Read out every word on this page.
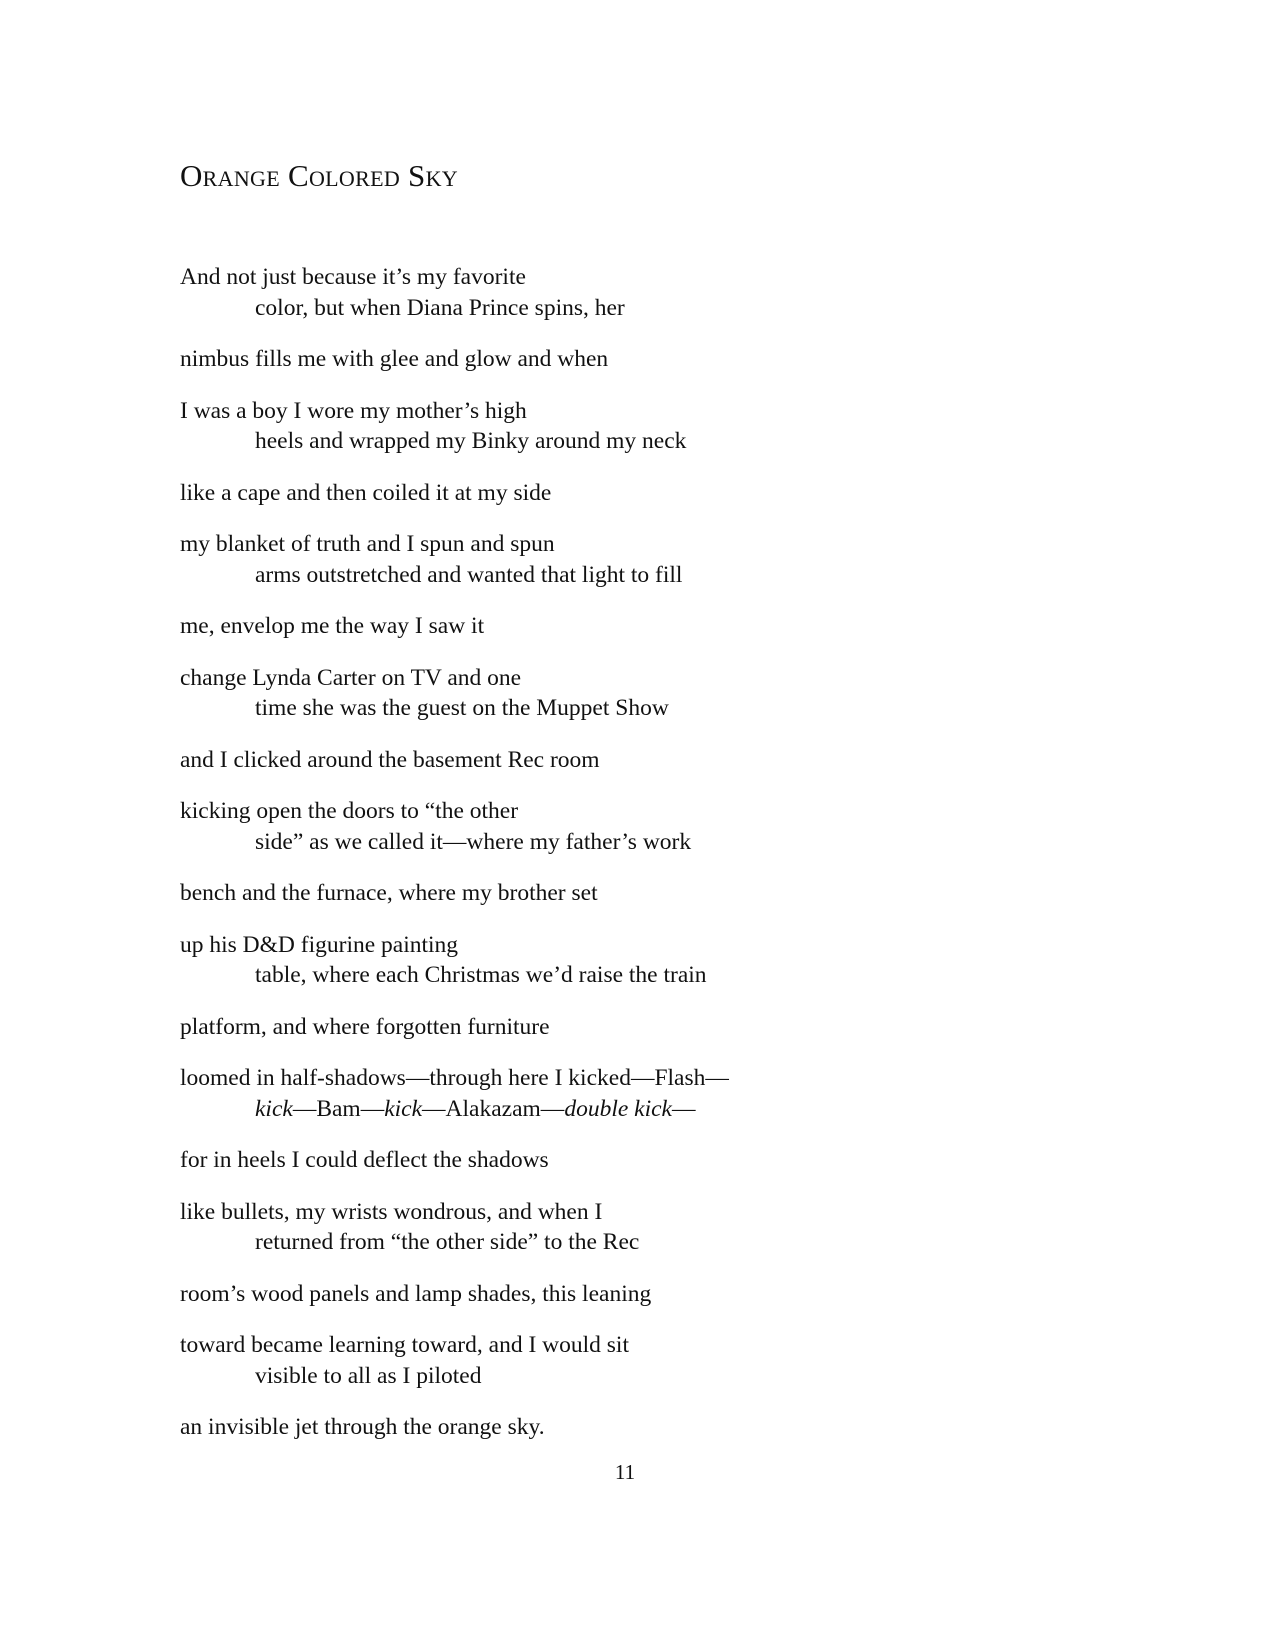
Orange Colored Sky
And not just because it’s my favorite
color, but when Diana Prince spins, her
nimbus fills me with glee and glow and when
I was a boy I wore my mother’s high
heels and wrapped my Binky around my neck
like a cape and then coiled it at my side
my blanket of truth and I spun and spun
arms outstretched and wanted that light to fill
me, envelop me the way I saw it
change Lynda Carter on TV and one
time she was the guest on the Muppet Show
and I clicked around the basement Rec room
kicking open the doors to “the other
side” as we called it—where my father’s work
bench and the furnace, where my brother set
up his D&D figurine painting
table, where each Christmas we’d raise the train
platform, and where forgotten furniture
loomed in half-shadows—through here I kicked—Flash—
kick—Bam—kick—Alakazam—double kick—
for in heels I could deflect the shadows
like bullets, my wrists wondrous, and when I
returned from “the other side” to the Rec
room’s wood panels and lamp shades, this leaning
toward became learning toward, and I would sit
visible to all as I piloted
an invisible jet through the orange sky.
11
